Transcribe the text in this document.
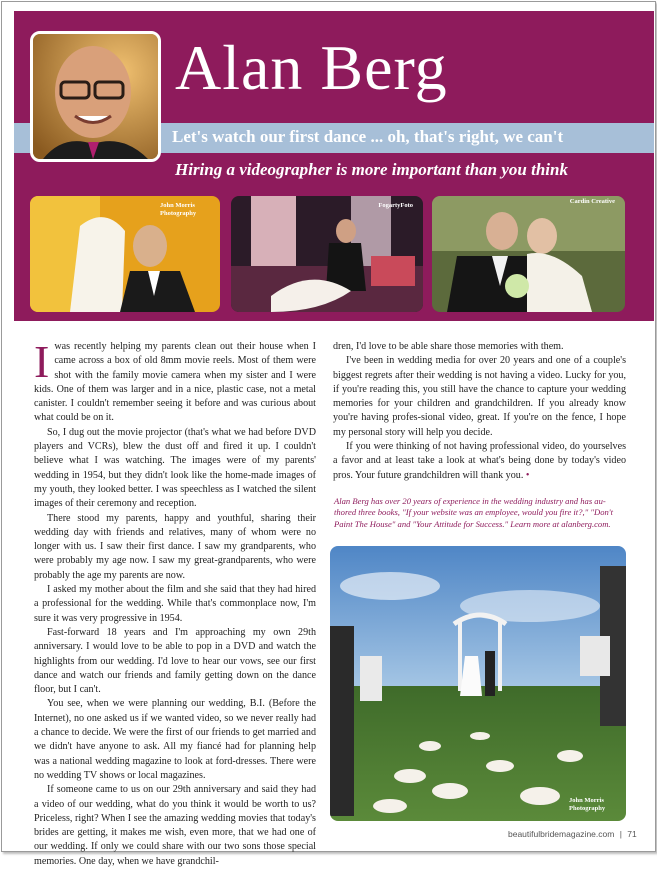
Alan Berg
Let's watch our first dance ... oh, that's right, we can't
Hiring a videographer is more important than you think
John Morris Photography
FogartyFoto
Cardin Creative

Iwas recently helping my parents clean out their house when I came across a box of old 8mm movie reels. Most of them were shot with the family movie camera when my sister and I were kids. One of them was larger and in a nice, plastic case, not a metal canister. I couldn't remember seeing it before and was curious about what could be on it.

So, I dug out the movie projector (that's what we had before DVD players and VCRs), blew the dust off and fired it up. I couldn't believe what I was watching. The images were of my parents' wedding in 1954, but they didn't look like the home-made images of my youth, they looked better. I was speechless as I watched the silent images of their ceremony and reception.

There stood my parents, happy and youthful, sharing their wedding day with friends and relatives, many of whom were no longer with us. I saw their first dance. I saw my grandparents, who were probably my age now. I saw my great-grandparents, who were probably the age my parents are now.

I asked my mother about the film and she said that they had hired a professional for the wedding. While that's commonplace now, I'm sure it was very progressive in 1954.

Fast-forward 18 years and I'm approaching my own 29th anniversary. I would love to be able to pop in a DVD and watch the highlights from our wedding. I'd love to hear our vows, see our first dance and watch our friends and family getting down on the dance floor, but I can't.

You see, when we were planning our wedding, B.I. (Before the Internet), no one asked us if we wanted video, so we never really had a chance to decide. We were the first of our friends to get married and we didn't have anyone to ask. All my fiancé had for planning help was a national wedding magazine to look at ford-dresses. There were no wedding TV shows or local magazines.

If someone came to us on our 29th anniversary and said they had a video of our wedding, what do you think it would be worth to us? Priceless, right? When I see the amazing wedding movies that today's brides are getting, it makes me wish, even more, that we had one of our wedding. If only we could share with our two sons those special memories. One day, when we have grandchil-

dren, I'd love to be able share those memories with them.

I've been in wedding media for over 20 years and one of a couple's biggest regrets after their wedding is not having a video. Lucky for you, if you're reading this, you still have the chance to capture your wedding memories for your children and grandchildren. If you already know you're having profes-sional video, great. If you're on the fence, I hope my personal story will help you decide.

If you were thinking of not having professional video, do yourselves a favor and at least take a look at what's being done by today's video pros. Your future grandchildren will thank you. •

Alan Berg has over 20 years of experience in the wedding industry and has au-thored three books, "If your website was an employee, would you fire it?," "Don't Paint The House" and "Your Attitude for Success." Learn more at alanberg.com.
John Morris Photography
beautifulbridemagazine.com | 71
